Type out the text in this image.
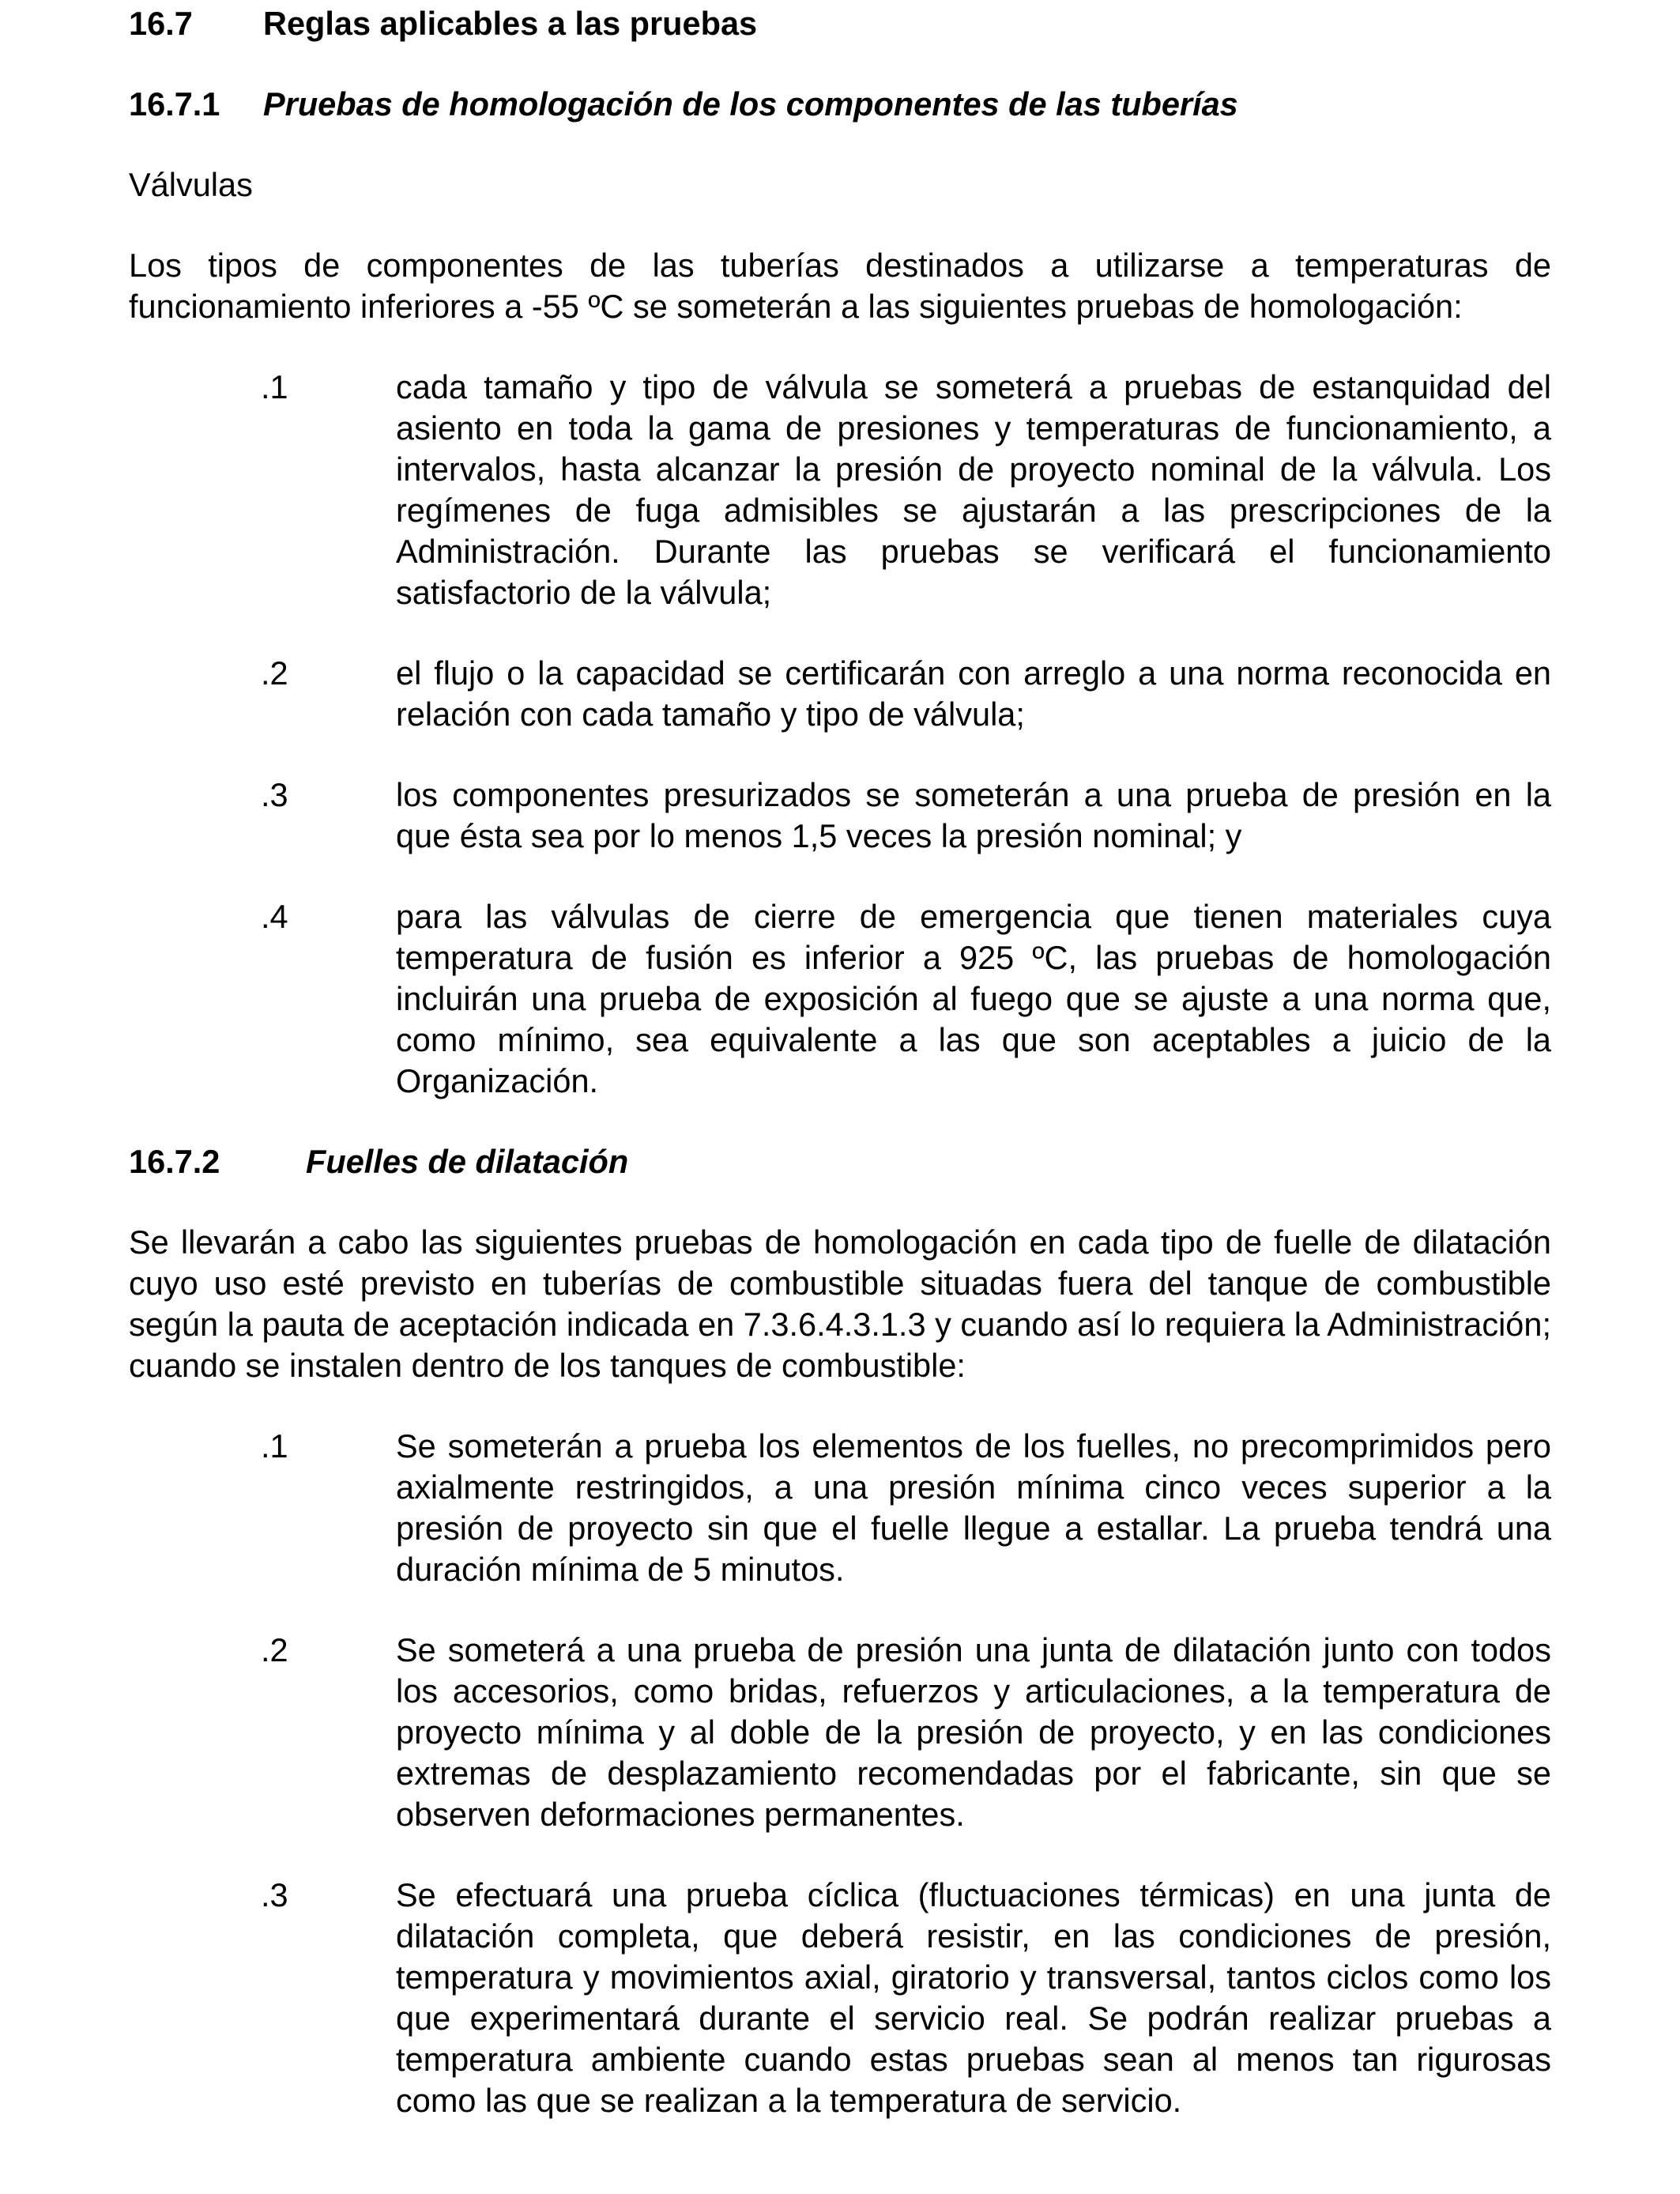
16.7 Reglas aplicables a las pruebas
16.7.1 Pruebas de homologación de los componentes de las tuberías

Válvulas

Los tipos de componentes de las tuberías destinados a utilizarse a temperaturas de funcionamiento inferiores a -55 ºC se someterán a las siguientes pruebas de homologación:

.1	cada tamaño y tipo de válvula se someterá a pruebas de estanquidad del asiento en toda la gama de presiones y temperaturas de funcionamiento, a intervalos, hasta alcanzar la presión de proyecto nominal de la válvula. Los regímenes de fuga admisibles se ajustarán a las prescripciones de la Administración. Durante las pruebas se verificará el funcionamiento satisfactorio de la válvula;
.2	el flujo o la capacidad se certificarán con arreglo a una norma reconocida en relación con cada tamaño y tipo de válvula;
.3	los componentes presurizados se someterán a una prueba de presión en la que ésta sea por lo menos 1,5 veces la presión nominal; y
.4	para las válvulas de cierre de emergencia que tienen materiales cuya temperatura de fusión es inferior a 925 ºC, las pruebas de homologación incluirán una prueba de exposición al fuego que se ajuste a una norma que, como mínimo, sea equivalente a las que son aceptables a juicio de la Organización.
16.7.2	Fuelles de dilatación

Se llevarán a cabo las siguientes pruebas de homologación en cada tipo de fuelle de dilatación cuyo uso esté previsto en tuberías de combustible situadas fuera del tanque de combustible según la pauta de aceptación indicada en 7.3.6.4.3.1.3 y cuando así lo requiera la Administración; cuando se instalen dentro de los tanques de combustible:

.1	Se someterán a prueba los elementos de los fuelles, no precomprimidos pero axialmente restringidos, a una presión mínima cinco veces superior a la presión de proyecto sin que el fuelle llegue a estallar. La prueba tendrá una duración mínima de 5 minutos.
.2	Se someterá a una prueba de presión una junta de dilatación junto con todos los accesorios, como bridas, refuerzos y articulaciones, a la temperatura de proyecto mínima y al doble de la presión de proyecto, y en las condiciones extremas de desplazamiento recomendadas por el fabricante, sin que se observen deformaciones permanentes.
.3	Se efectuará una prueba cíclica (fluctuaciones térmicas) en una junta de dilatación completa, que deberá resistir, en las condiciones de presión, temperatura y movimientos axial, giratorio y transversal, tantos ciclos como los que experimentará durante el servicio real. Se podrán realizar pruebas a temperatura ambiente cuando estas pruebas sean al menos tan rigurosas como las que se realizan a la temperatura de servicio.
